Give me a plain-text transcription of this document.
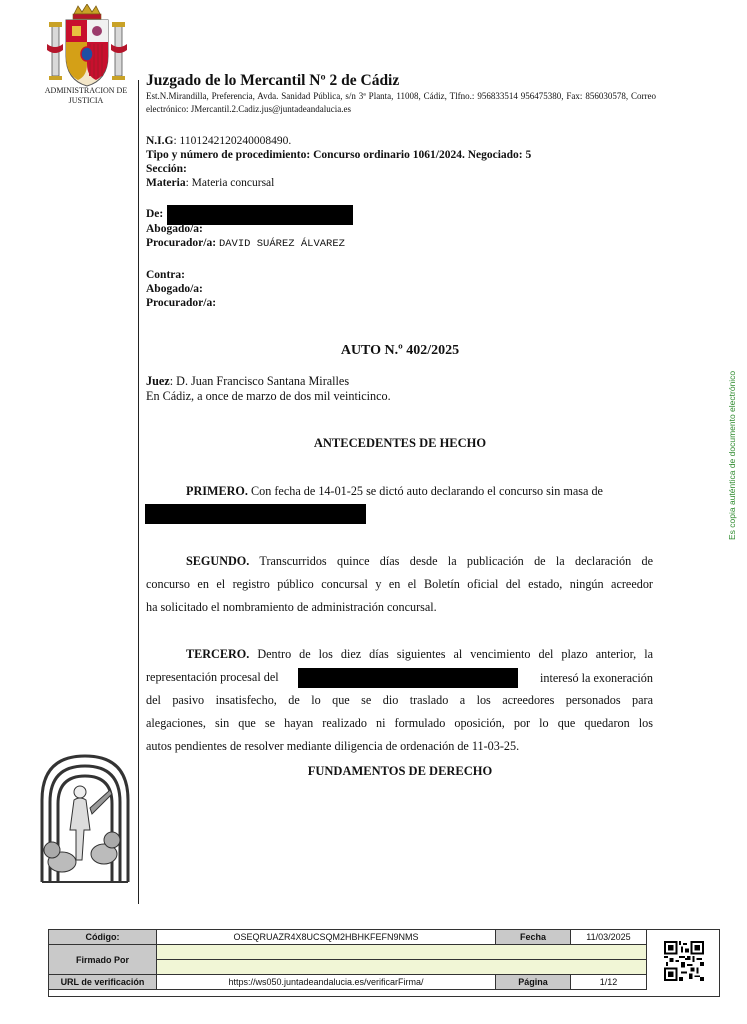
ADMINISTRACION DE JUSTICIA
Juzgado de lo Mercantil Nº 2 de Cádiz
Est.N.Mirandilla, Preferencia, Avda. Sanidad Pública, s/n 3ª Planta, 11008, Cádiz, Tlfno.: 956833514 956475380, Fax: 856030578, Correo electrónico: JMercantil.2.Cadiz.jus@juntadeandalucia.es
N.I.G: 1101242120240008490.
Tipo y número de procedimiento: Concurso ordinario 1061/2024. Negociado: 5
Sección:
Materia: Materia concursal
De:
Abogado/a:
Procurador/a: DAVID SUÁREZ ÁLVAREZ
Contra:
Abogado/a:
Procurador/a:
AUTO N.º 402/2025
Juez: D. Juan Francisco Santana Miralles
En Cádiz, a once de marzo de dos mil veinticinco.
ANTECEDENTES DE HECHO
PRIMERO. Con fecha de 14-01-25 se dictó auto declarando el concurso sin masa de
SEGUNDO. Transcurridos quince días desde la publicación de la declaración de
concurso en el registro público concursal y en el Boletín oficial del estado, ningún acreedor
ha solicitado el nombramiento de administración concursal.
TERCERO. Dentro de los diez días siguientes al vencimiento del plazo anterior, la
representación procesal del
del pasivo insatisfecho, de lo que se dio traslado a los acreedores personados para
alegaciones, sin que se hayan realizado ni formulado oposición, por lo que quedaron los
autos pendientes de resolver mediante diligencia de ordenación de 11-03-25.
interesó la exoneración
FUNDAMENTOS DE DERECHO
Es copia auténtica de documento electrónico
Código:	OSEQRUAZR4X8UCSQM2HBHKFEFN9NMS	Fecha	11/03/2025
Firmado Por			

URL de verificación	https://ws050.juntadeandalucia.es/verificarFirma/	Página	1/12
